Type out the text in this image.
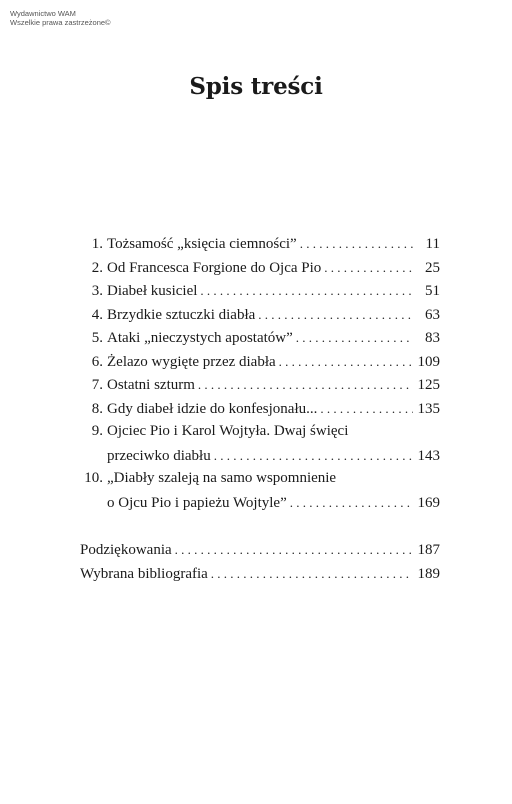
Wydawnictwo WAM
Wszelkie prawa zastrzeżone©
Spis treści
1. Tożsamość „księcia ciemności” . . .	11
2. Od Francesca Forgione do Ojca Pio . . .	25
3. Diabeł kusiciel . . .	51
4. Brzydkie sztuczki diabła . . .	63
5. Ataki „nieczystych apostatów” . . .	83
6. Żelazo wygięte przez diabła . . .	109
7. Ostatni szturm . . .	125
8. Gdy diabeł idzie do konfesjonału... . . .	135
9. Ojciec Pio i Karol Wojtyła. Dwaj święci
przeciwko diabłu . . .	143
10. „Diabły szaleją na samo wspomnienie
o Ojcu Pio i papieżu Wojtyle” . . .	169
Podziękowania . . .	187
Wybrana bibliografia . . .	189
